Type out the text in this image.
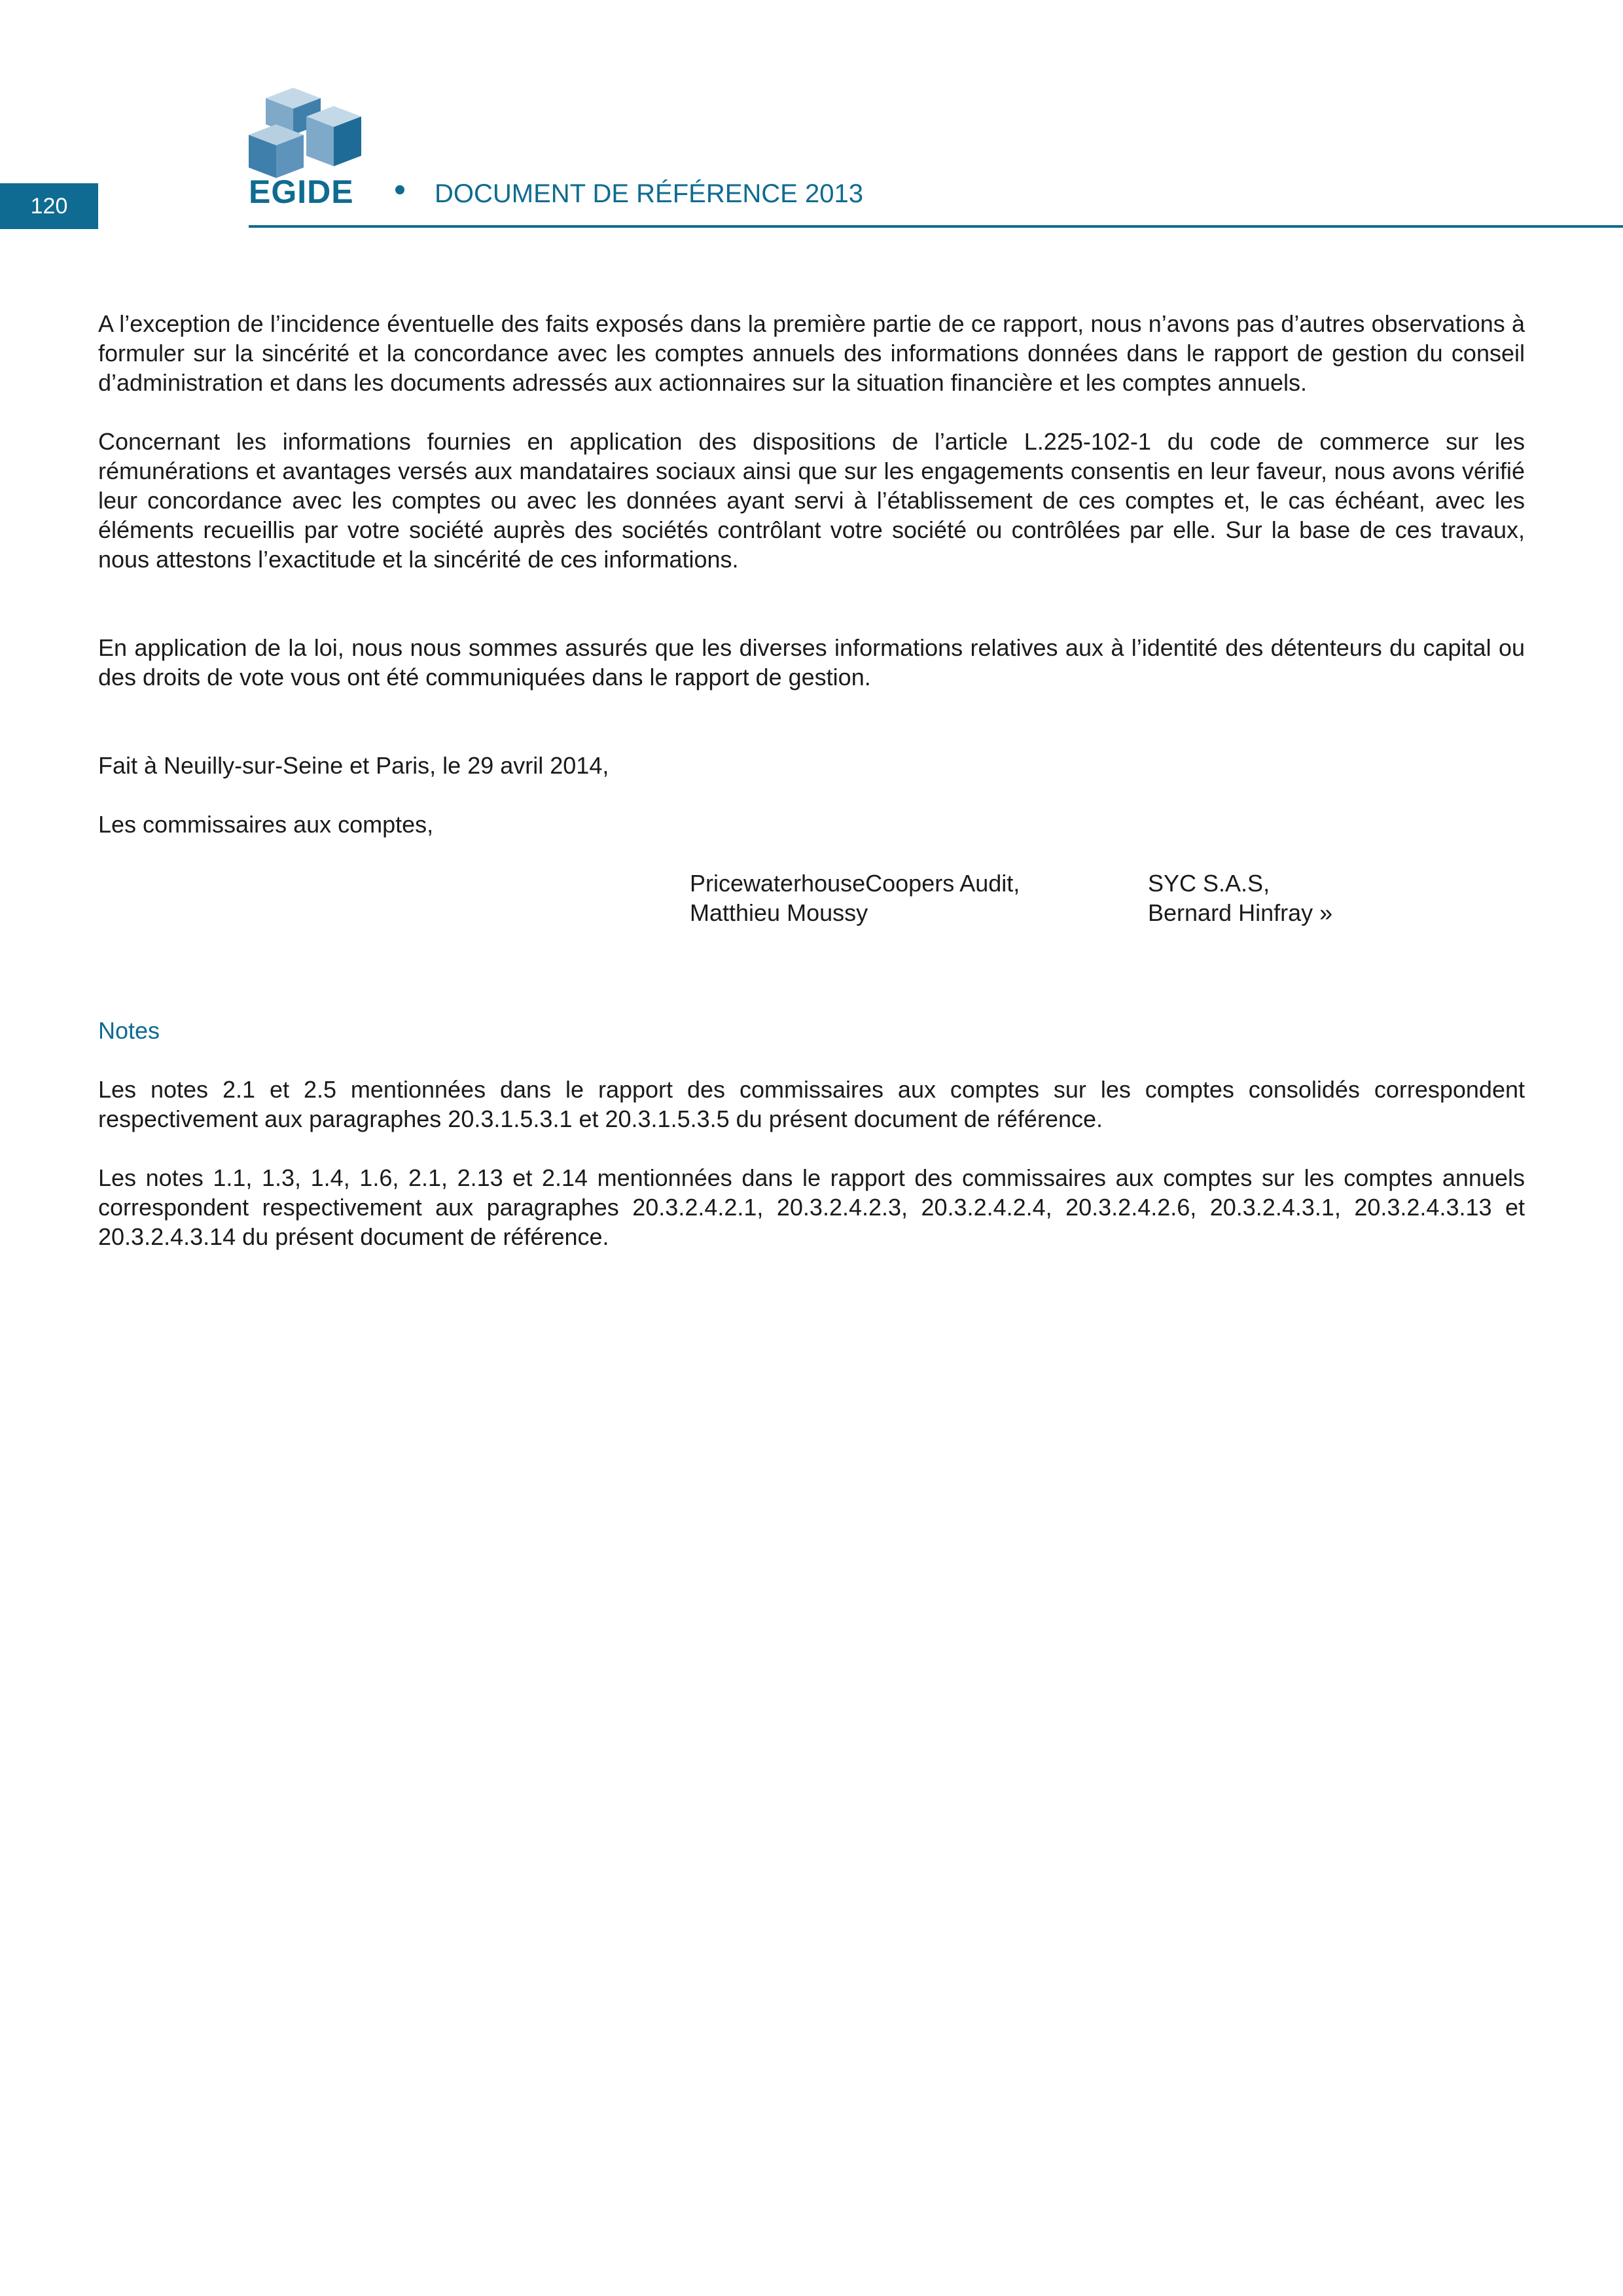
120	EGIDE	DOCUMENT DE RÉFÉRENCE 2013

A l’exception de l’incidence éventuelle des faits exposés dans la première partie de ce rapport, nous n’avons pas d’autres observations à formuler sur la sincérité et la concordance avec les comptes annuels des informations données dans le rapport de gestion du conseil d’administration et dans les documents adressés aux actionnaires sur la situation financière et les comptes annuels.

Concernant les informations fournies en application des dispositions de l’article L.225-102-1 du code de commerce sur les rémunérations et avantages versés aux mandataires sociaux ainsi que sur les engagements consentis en leur faveur, nous avons vérifié leur concordance avec les comptes ou avec les données ayant servi à l’établissement de ces comptes et, le cas échéant, avec les éléments recueillis par votre société auprès des sociétés contrôlant votre société ou contrôlées par elle. Sur la base de ces travaux, nous attestons l’exactitude et la sincérité de ces informations.

En application de la loi, nous nous sommes assurés que les diverses informations relatives aux à l’identité des détenteurs du capital ou des droits de vote vous ont été communiquées dans le rapport de gestion.

Fait à Neuilly-sur-Seine et Paris, le 29 avril 2014,

Les commissaires aux comptes,

PricewaterhouseCoopers Audit,
Matthieu Moussy
SYC S.A.S,
Bernard Hinfray »

Notes

Les notes 2.1 et 2.5 mentionnées dans le rapport des commissaires aux comptes sur les comptes consolidés correspondent respectivement aux paragraphes 20.3.1.5.3.1 et 20.3.1.5.3.5 du présent document de référence.

Les notes 1.1, 1.3, 1.4, 1.6, 2.1, 2.13 et 2.14 mentionnées dans le rapport des commissaires aux comptes sur les comptes annuels correspondent respectivement aux paragraphes 20.3.2.4.2.1, 20.3.2.4.2.3, 20.3.2.4.2.4, 20.3.2.4.2.6, 20.3.2.4.3.1, 20.3.2.4.3.13 et 20.3.2.4.3.14 du présent document de référence.
